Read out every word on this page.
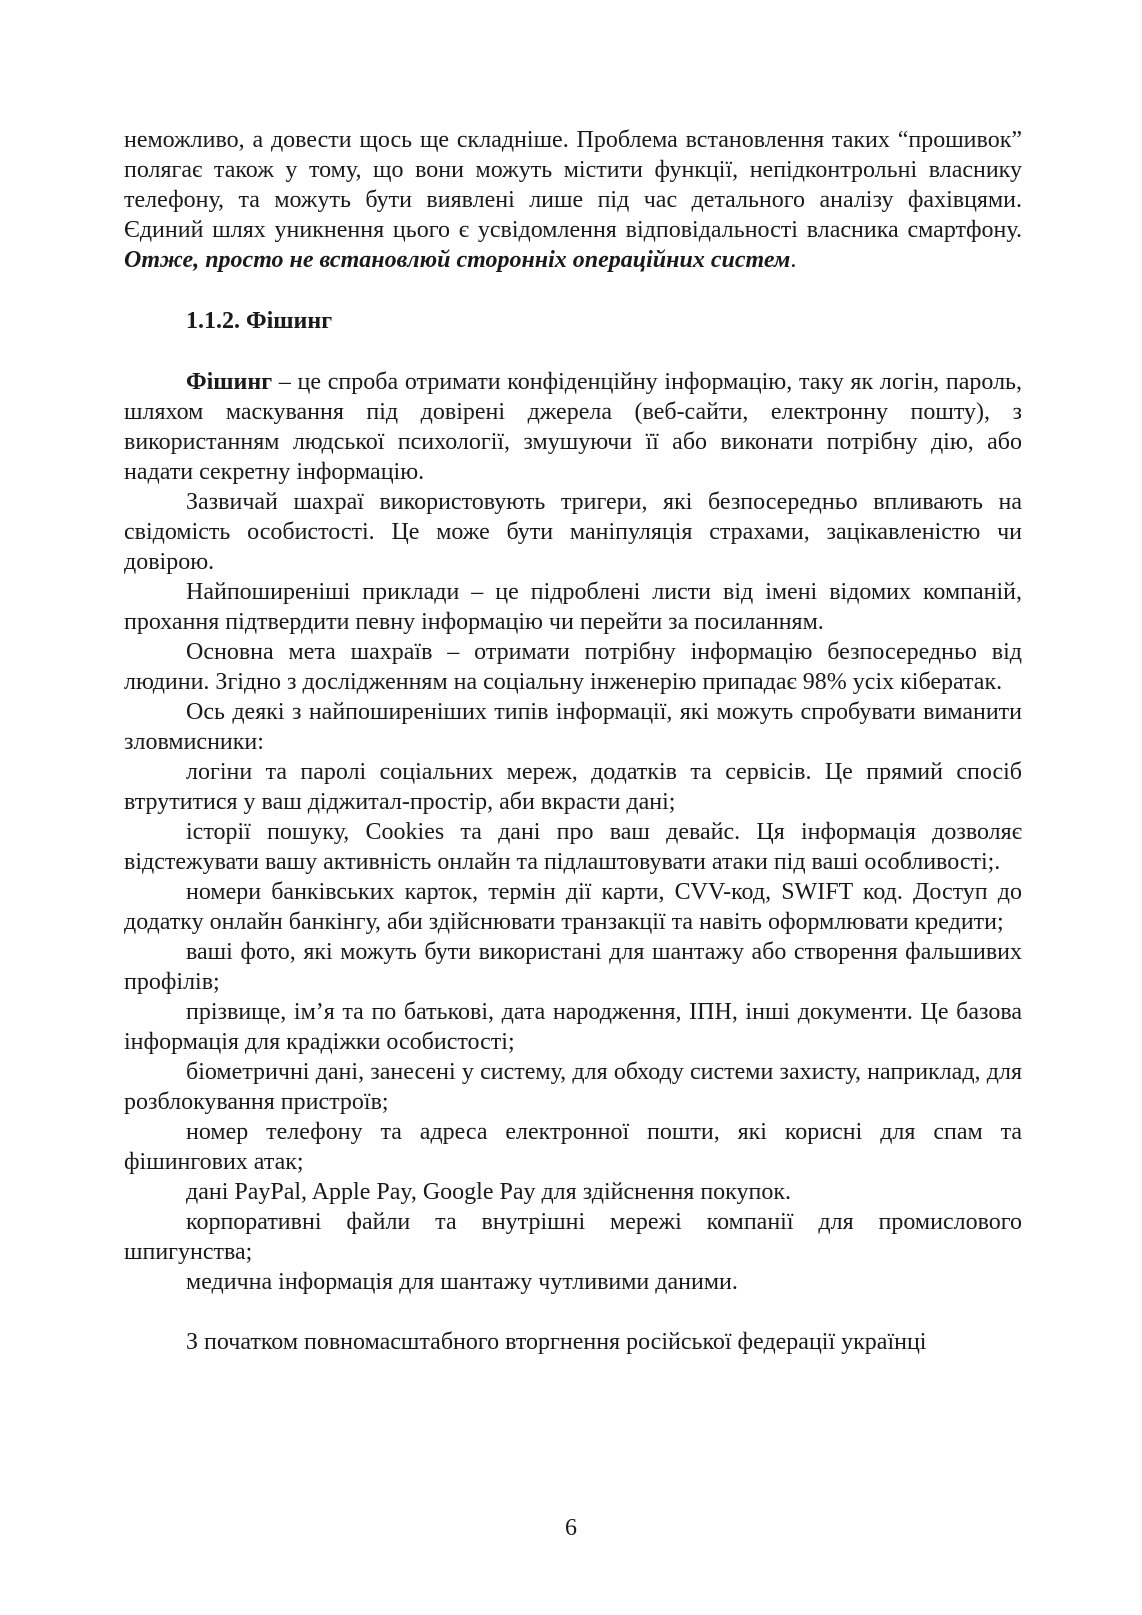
неможливо, а довести щось ще складніше. Проблема встановлення таких “прошивок” полягає також у тому, що вони можуть містити функції, непідконтрольні власнику телефону, та можуть бути виявлені лише під час детального аналізу фахівцями. Єдиний шлях уникнення цього є усвідомлення відповідальності власника смартфону. Отже, просто не встановлюй сторонніх операційних систем.

1.1.2. Фішинг

Фішинг – це спроба отримати конфіденційну інформацію, таку як логін, пароль, шляхом маскування під довірені джерела (веб-сайти, електронну пошту), з використанням людської психології, змушуючи її або виконати потрібну дію, або надати секретну інформацію.

Зазвичай шахраї використовують тригери, які безпосередньо впливають на свідомість особистості. Це може бути маніпуляція страхами, зацікавленістю чи довірою.

Найпоширеніші приклади – це підроблені листи від імені відомих компаній, прохання підтвердити певну інформацію чи перейти за посиланням.

Основна мета шахраїв – отримати потрібну інформацію безпосередньо від людини. Згідно з дослідженням на соціальну інженерію припадає 98% усіх кібератак.

Ось деякі з найпоширеніших типів інформації, які можуть спробувати виманити зловмисники:

логіни та паролі соціальних мереж, додатків та сервісів. Це прямий спосіб втрутитися у ваш діджитал-простір, аби вкрасти дані;

історії пошуку, Cookies та дані про ваш девайс. Ця інформація дозволяє відстежувати вашу активність онлайн та підлаштовувати атаки під ваші особливості;.

номери банківських карток, термін дії карти, CVV-код, SWIFT код. Доступ до додатку онлайн банкінгу, аби здійснювати транзакції та навіть оформлювати кредити;

ваші фото, які можуть бути використані для шантажу або створення фальшивих профілів;

прізвище, ім’я та по батькові, дата народження, ІПН, інші документи. Це базова інформація для крадіжки особистості;

біометричні дані, занесені у систему, для обходу системи захисту, наприклад, для розблокування пристроїв;

номер телефону та адреса електронної пошти, які корисні для спам та фішингових атак;

дані PayPal, Apple Pay, Google Pay для здійснення покупок.

корпоративні файли та внутрішні мережі компанії для промислового шпигунства;

медична інформація для шантажу чутливими даними.

З початком повномасштабного вторгнення російської федерації українці

6
